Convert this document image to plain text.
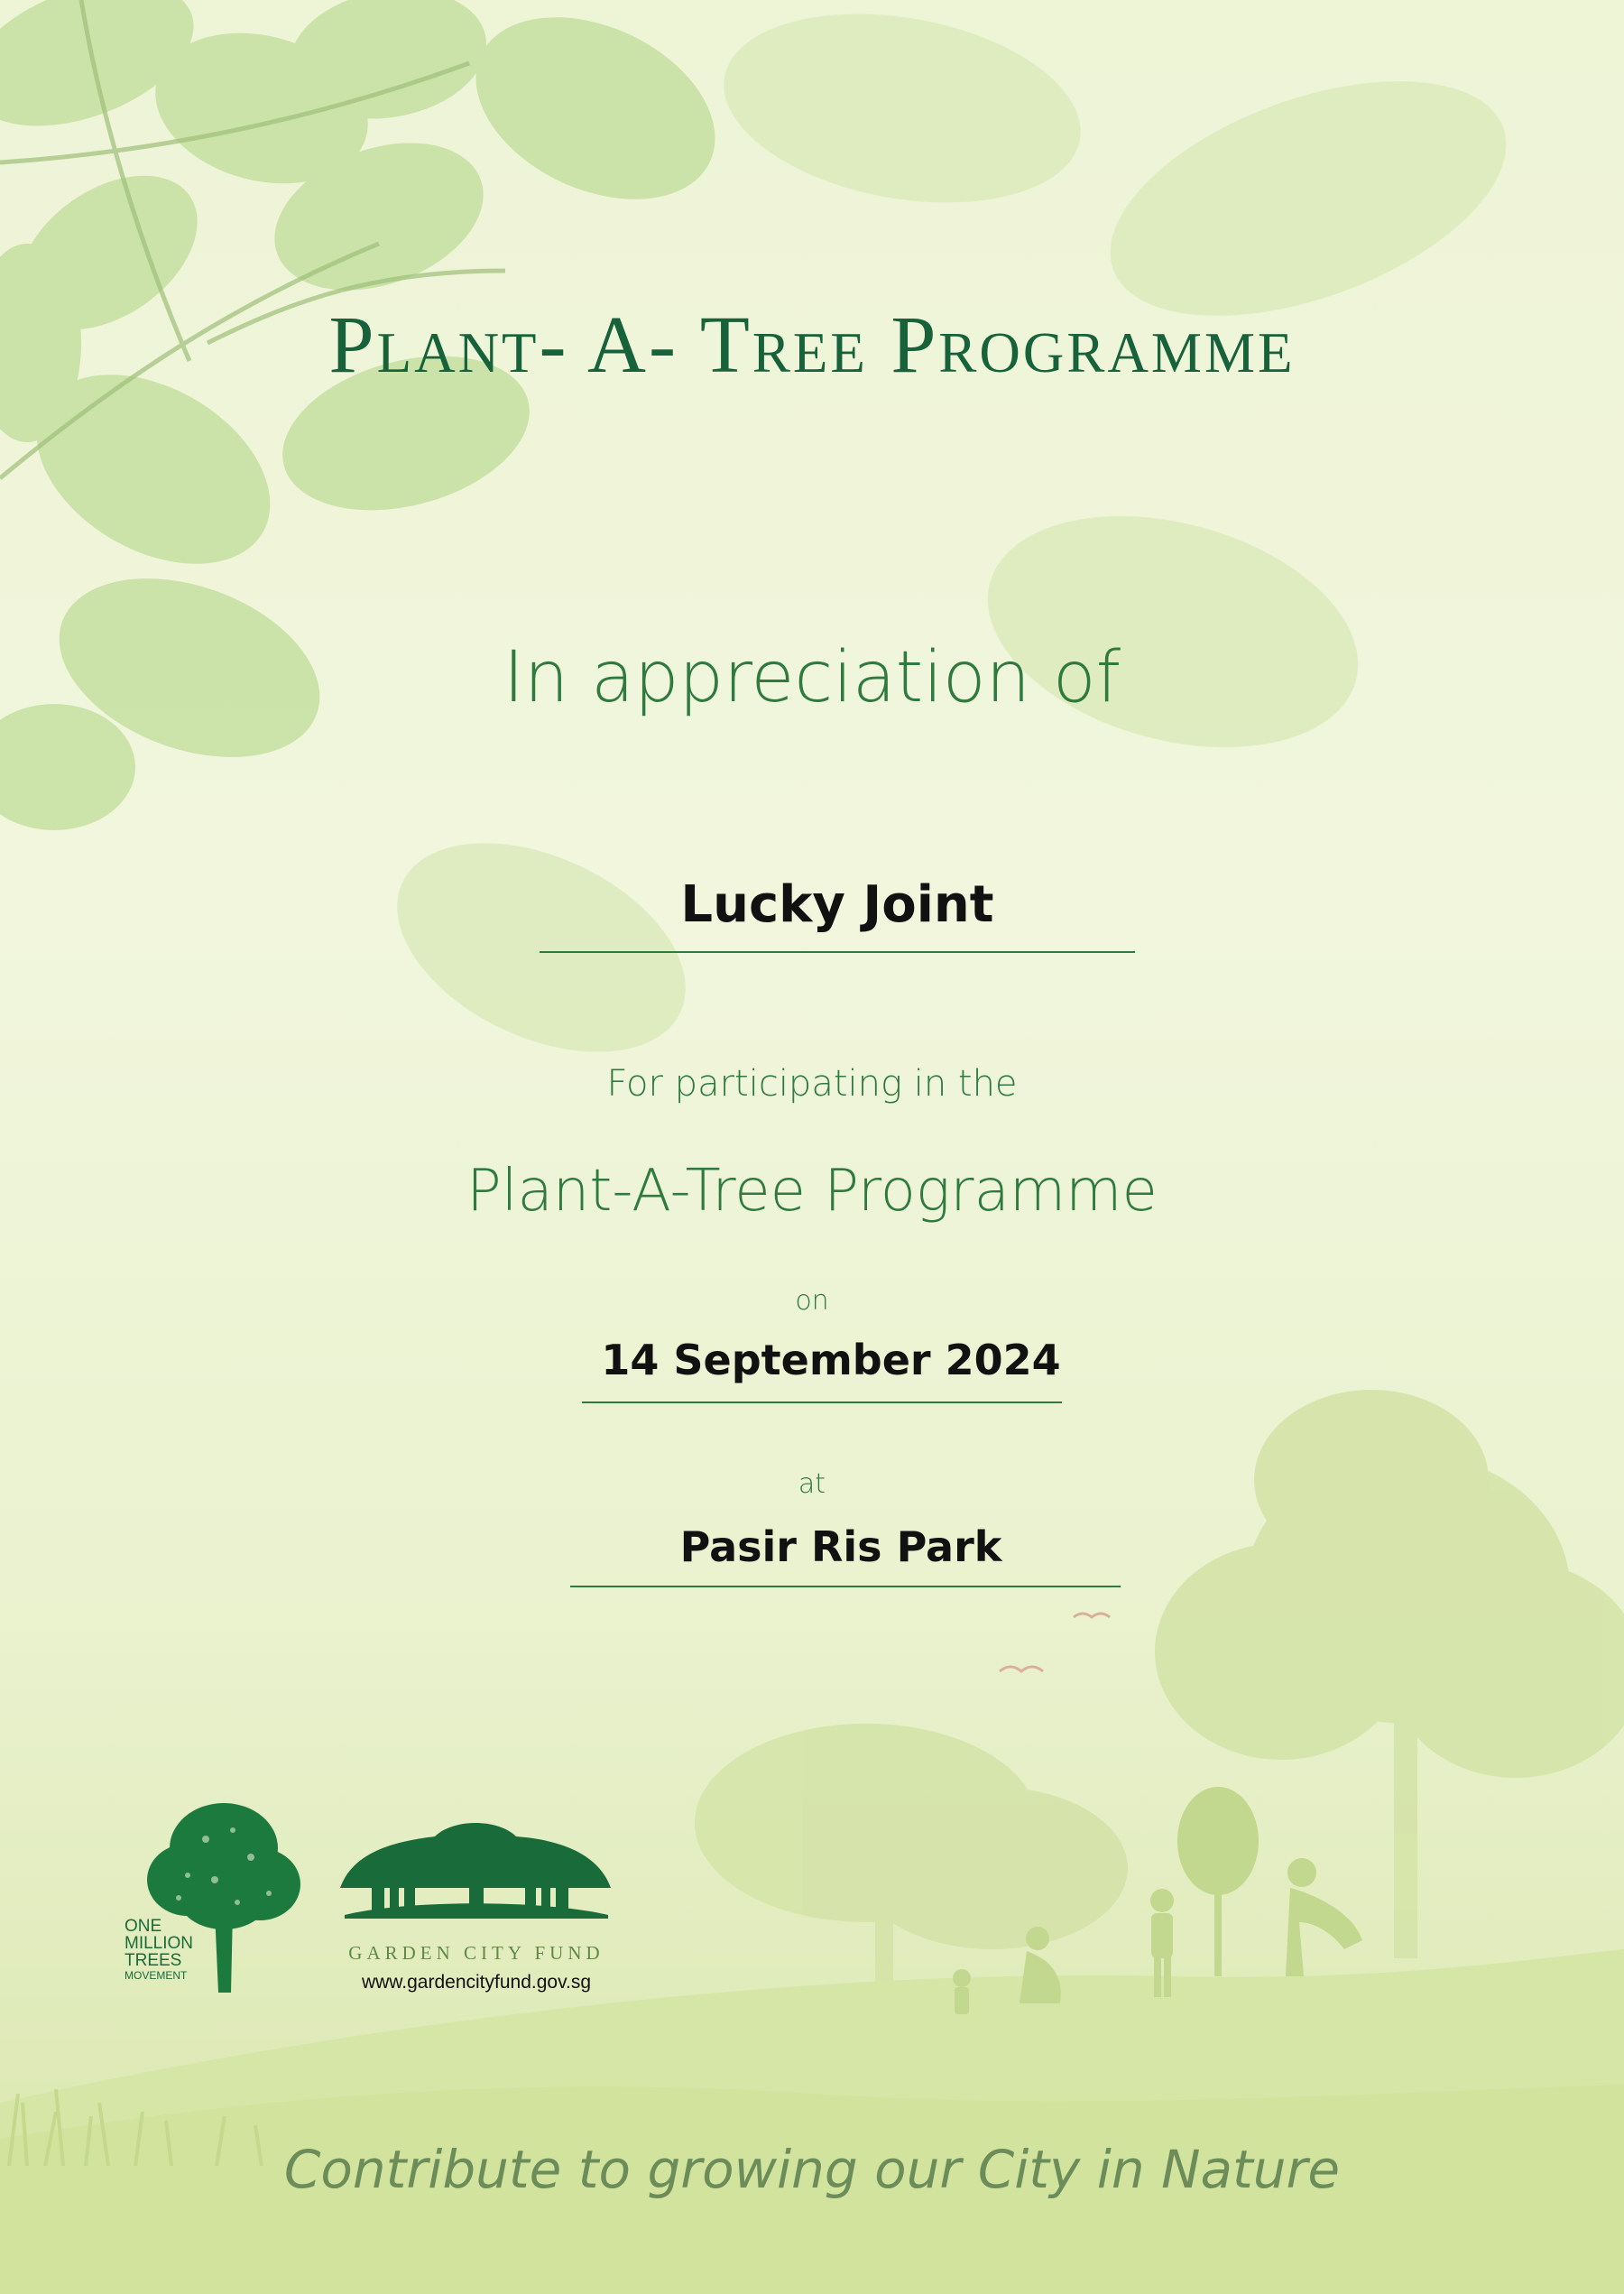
Plant- A- Tree Programme
In appreciation of
Lucky Joint
For participating in the
Plant-A-Tree Programme
on
14 September 2024
at
Pasir Ris Park
ONE
MILLION
TREES
MOVEMENT
GARDEN CITY FUND
www.gardencityfund.gov.sg
Contribute to growing our City in Nature
